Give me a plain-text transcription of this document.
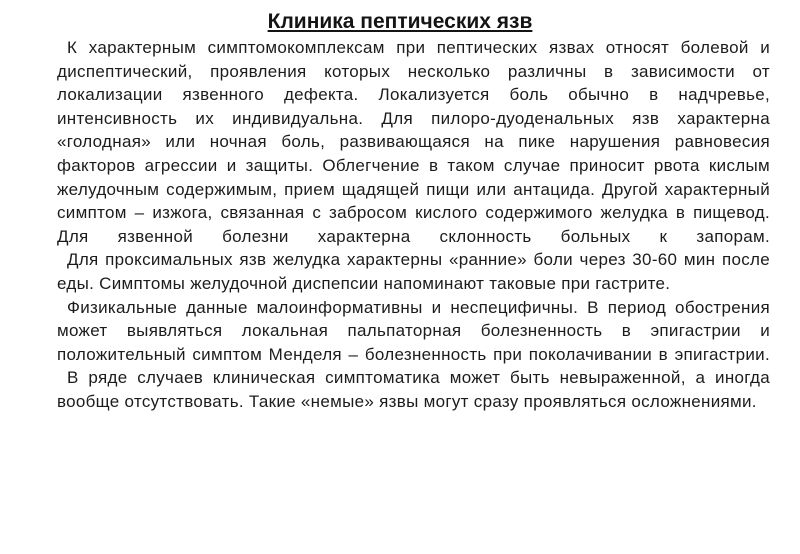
Клиника пептических язв

К характерным симптомокомплексам при пептических язвах относят болевой и диспептический, проявления которых несколько различны в зависимости от локализации язвенного дефекта. Локализуется боль обычно в надчревье, интенсивность их индивидуальна. Для пилоро-дуоденальных язв характерна «голодная» или ночная боль, развивающаяся на пике нарушения равновесия факторов агрессии и защиты. Облегчение в таком случае приносит рвота кислым желудочным содержимым, прием щадящей пищи или антацида. Другой характерный симптом – изжога, связанная с забросом кислого содержимого желудка в пищевод. Для язвенной болезни характерна склонность больных к запорам.

Для проксимальных язв желудка характерны «ранние» боли через 30-60 мин после еды. Симптомы желудочной диспепсии напоминают таковые при гастрите.

Физикальные данные малоинформативны и неспецифичны. В период обострения может выявляться локальная пальпаторная болезненность в эпигастрии и положительный симптом Менделя – болезненность при поколачивании в эпигастрии.

В ряде случаев клиническая симптоматика может быть невыраженной, а иногда вообще отсутствовать. Такие «немые» язвы могут сразу проявляться осложнениями.
